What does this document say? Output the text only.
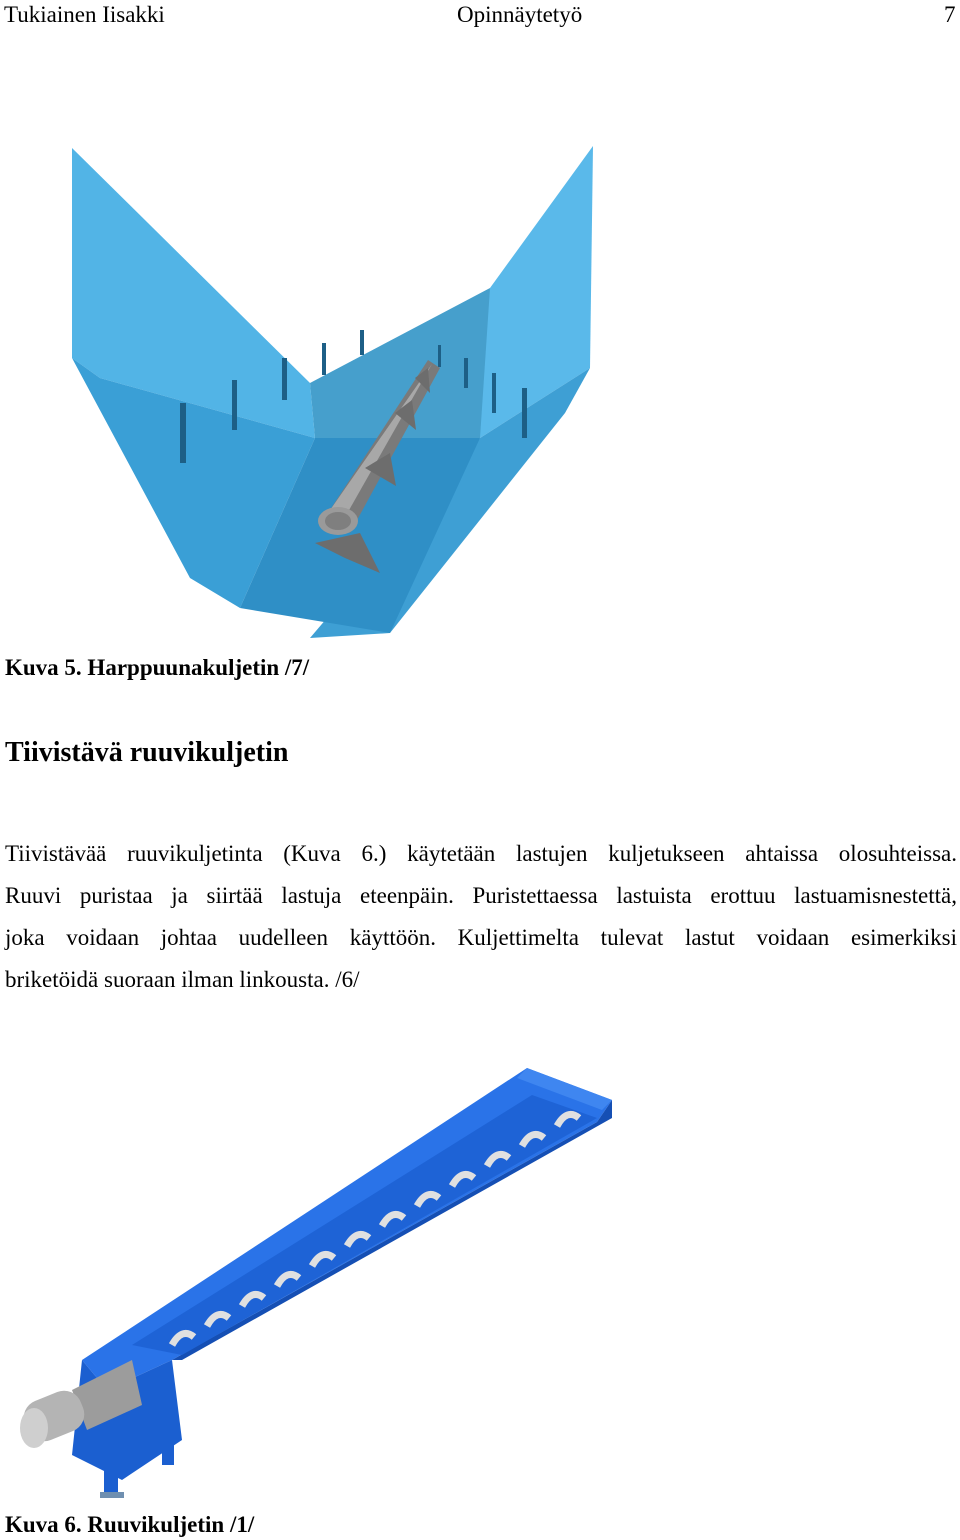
Tukiainen Iisakki	Opinnäytetyö	7
Kuva 5. Harppuunakuljetin /7/
Tiivistävä ruuvikuljetin
Tiivistävää ruuvikuljetinta (Kuva 6.) käytetään lastujen kuljetukseen ahtaissa olosuhteissa.
Ruuvi puristaa ja siirtää lastuja eteenpäin. Puristettaessa lastuista erottuu lastuamisnestettä,
joka voidaan johtaa uudelleen käyttöön. Kuljettimelta tulevat lastut voidaan esimerkiksi
briketöidä suoraan ilman linkousta. /6/
Kuva 6. Ruuvikuljetin /1/
